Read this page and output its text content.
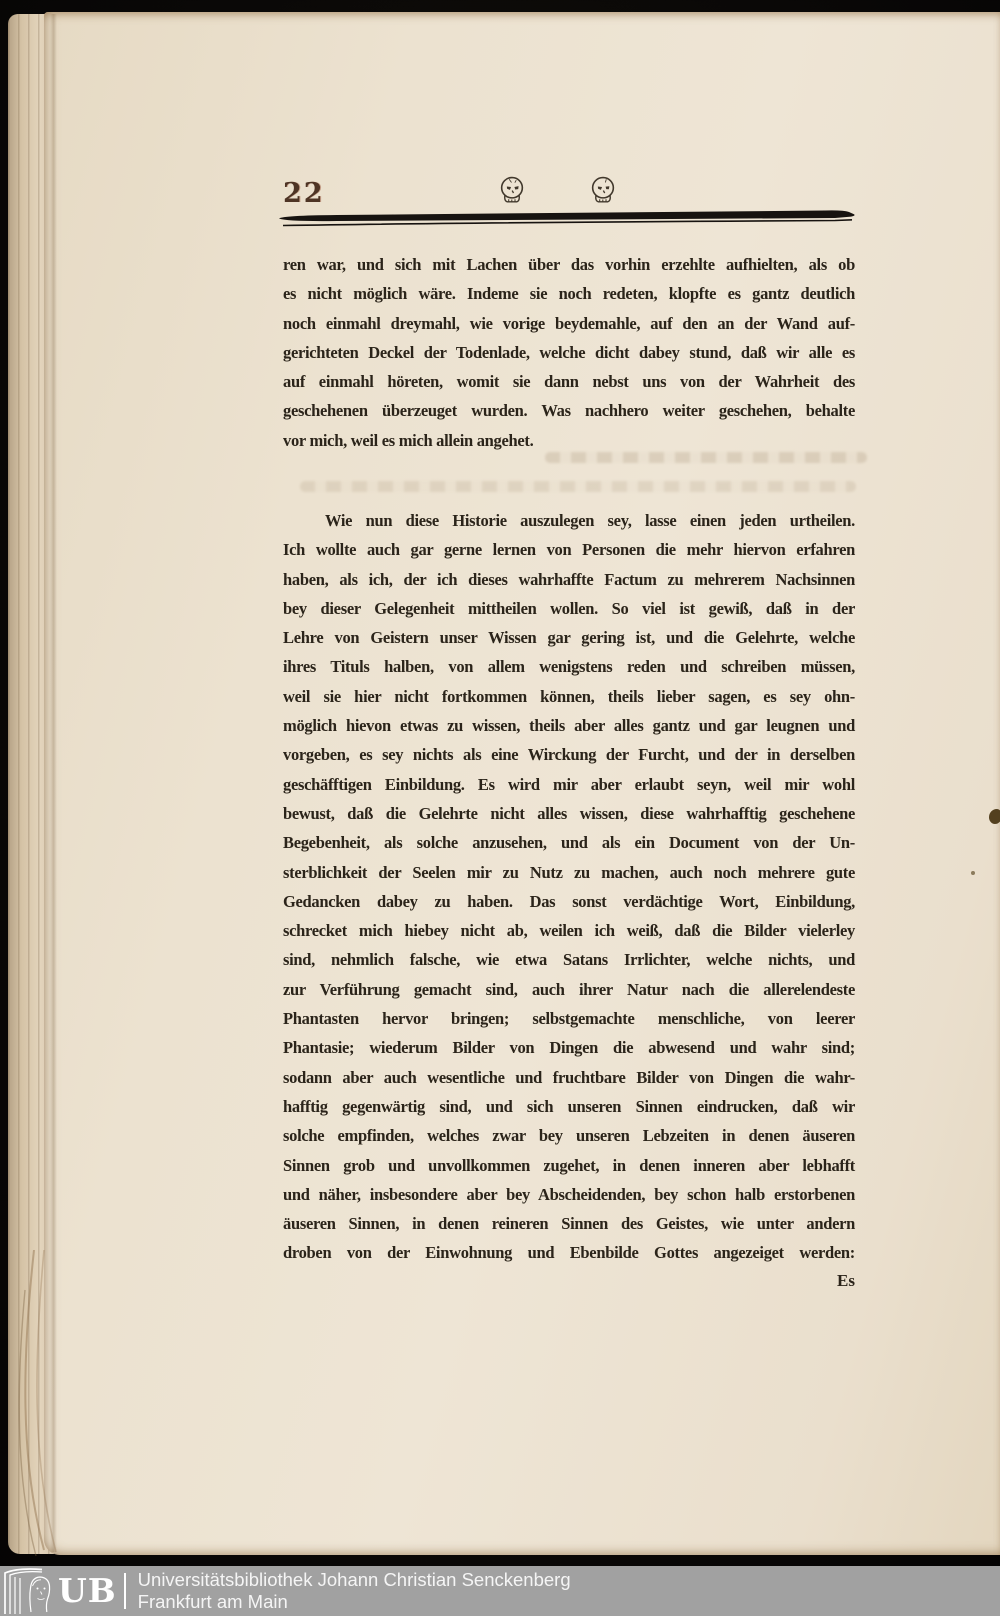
22
ren war, und sich mit Lachen über das vorhin erzehlte aufhielten, als ob
es nicht möglich wäre. Indeme sie noch redeten, klopfte es gantz deutlich
noch einmahl dreymahl, wie vorige beydemahle, auf den an der Wand auf-
gerichteten Deckel der Todenlade, welche dicht dabey stund, daß wir alle es
auf einmahl höreten, womit sie dann nebst uns von der Wahrheit des
geschehenen überzeuget wurden. Was nachhero weiter geschehen, behalte
vor mich, weil es mich allein angehet.
Wie nun diese Historie auszulegen sey, lasse einen jeden urtheilen.
Ich wollte auch gar gerne lernen von Personen die mehr hiervon erfahren
haben, als ich, der ich dieses wahrhaffte Factum zu mehrerem Nachsinnen
bey dieser Gelegenheit mittheilen wollen. So viel ist gewiß, daß in der
Lehre von Geistern unser Wissen gar gering ist, und die Gelehrte, welche
ihres Tituls halben, von allem wenigstens reden und schreiben müssen,
weil sie hier nicht fortkommen können, theils lieber sagen, es sey ohn-
möglich hievon etwas zu wissen, theils aber alles gantz und gar leugnen und
vorgeben, es sey nichts als eine Wirckung der Furcht, und der in derselben
geschäfftigen Einbildung. Es wird mir aber erlaubt seyn, weil mir wohl
bewust, daß die Gelehrte nicht alles wissen, diese wahrhafftig geschehene
Begebenheit, als solche anzusehen, und als ein Document von der Un-
sterblichkeit der Seelen mir zu Nutz zu machen, auch noch mehrere gute
Gedancken dabey zu haben. Das sonst verdächtige Wort, Einbildung,
schrecket mich hiebey nicht ab, weilen ich weiß, daß die Bilder vielerley
sind, nehmlich falsche, wie etwa Satans Irrlichter, welche nichts, und
zur Verführung gemacht sind, auch ihrer Natur nach die allerelendeste
Phantasten hervor bringen; selbstgemachte menschliche, von leerer
Phantasie; wiederum Bilder von Dingen die abwesend und wahr sind;
sodann aber auch wesentliche und fruchtbare Bilder von Dingen die wahr-
hafftig gegenwärtig sind, und sich unseren Sinnen eindrucken, daß wir
solche empfinden, welches zwar bey unseren Lebzeiten in denen äuseren
Sinnen grob und unvollkommen zugehet, in denen inneren aber lebhafft
und näher, insbesondere aber bey Abscheidenden, bey schon halb erstorbenen
äuseren Sinnen, in denen reineren Sinnen des Geistes, wie unter andern
droben von der Einwohnung und Ebenbilde Gottes angezeiget werden:
Es
UB Universitätsbibliothek Johann Christian Senckenberg
Frankfurt am Main
